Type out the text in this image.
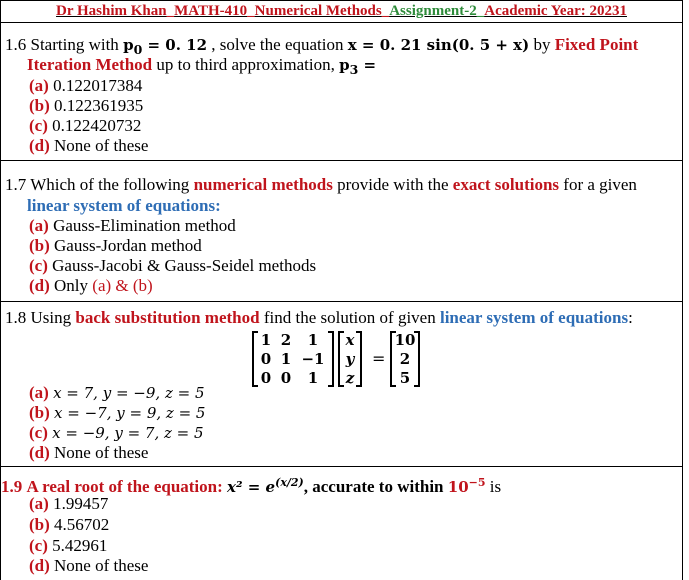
Dr Hashim Khan_MATH-410_Numerical Methods_Assignment-2_Academic Year: 20231
1.6 Starting with $p_0 = 0$. 12 , solve the equation x = 0. 21 sin(0. 5 + x) by Fixed Point
Iteration Method up to third approximation, $p_3$ =
(a) 0.122017384
(b) 0.122361935
(c) 0.122420732
(d) None of these
1.7 Which of the following numerical methods provide with the exact solutions for a given
linear system of equations:
(a) Gauss-Elimination method
(b) Gauss-Jordan method
(c) Gauss-Jacobi & Gauss-Seidel methods
(d) Only (a) & (b)
1.8 Using back substitution method find the solution of given linear system of equations:
1 2	1
0 1 −1
0 0	1
x
y
z
=
10
2
5
(a) x = 7, y = −9, z = 5
(b) x = −7, y = 9, z = 5
(c) x = −9, y = 7, z = 5
(d) None of these
1.9 A real root of the equation: $x^2 = e^{(x/2)}$, accurate to within $10^{-5}$ is
(a) 1.99457
(b) 4.56702
(c) 5.42961
(d) None of these
